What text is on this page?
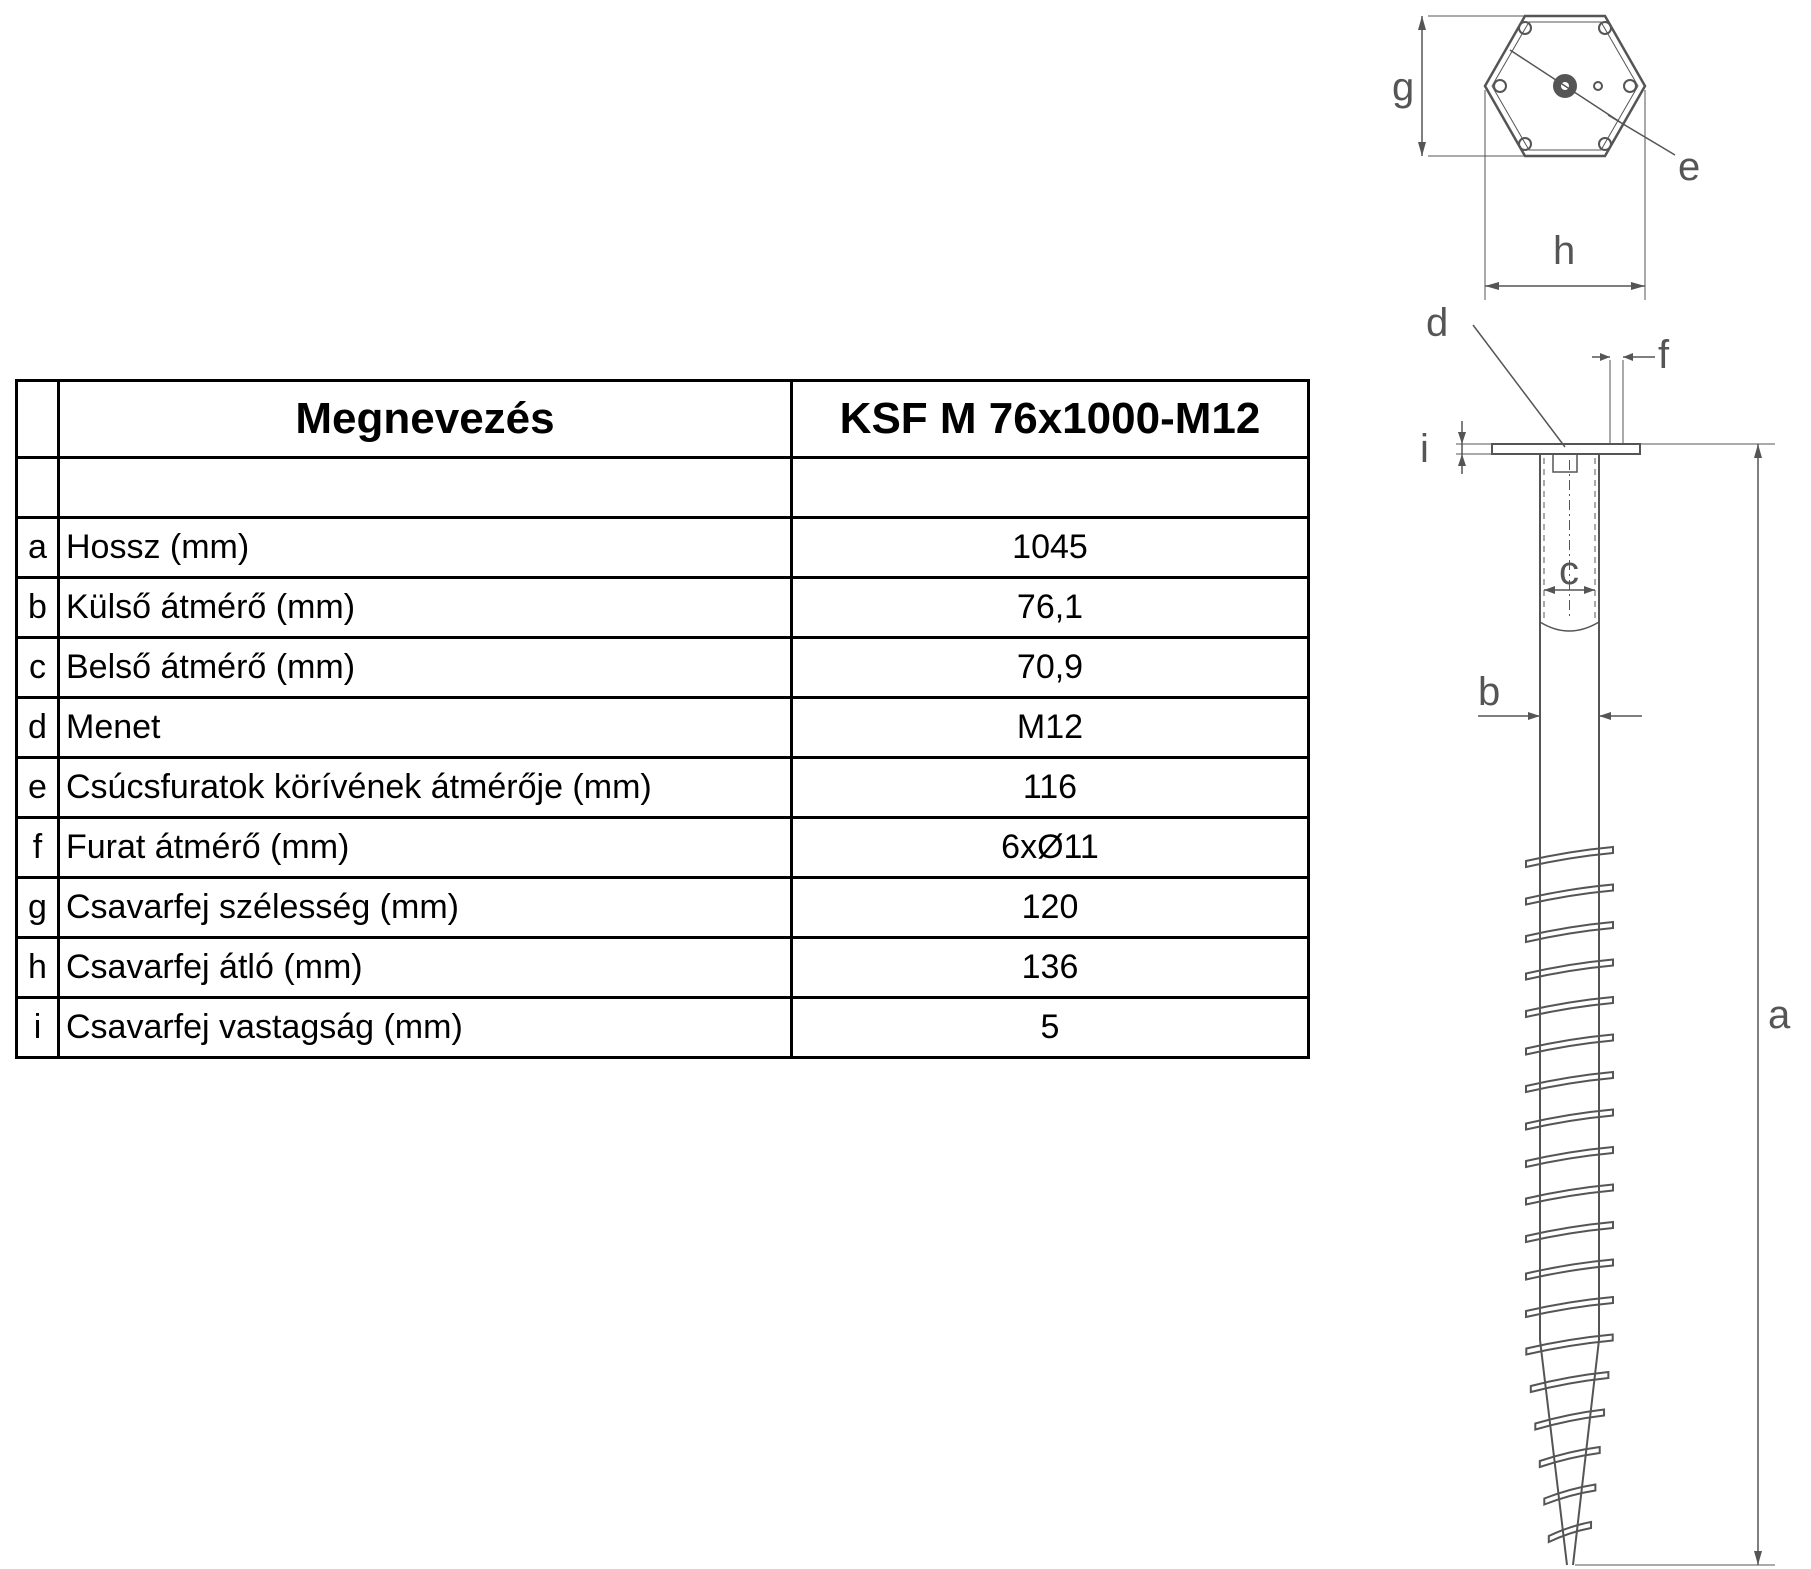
	Megnevezés	KSF M 76x1000-M12

a	Hossz (mm)	1045
b	Külső átmérő (mm)	76,1
c	Belső átmérő (mm)	70,9
d	Menet	M12
e	Csúcsfuratok körívének átmérője (mm)	116
f	Furat átmérő (mm)	6xØ11
g	Csavarfej szélesség (mm)	120
h	Csavarfej átló (mm)	136
i	Csavarfej vastagság (mm)	5
g
e
h
d
f
i
c
b
a
